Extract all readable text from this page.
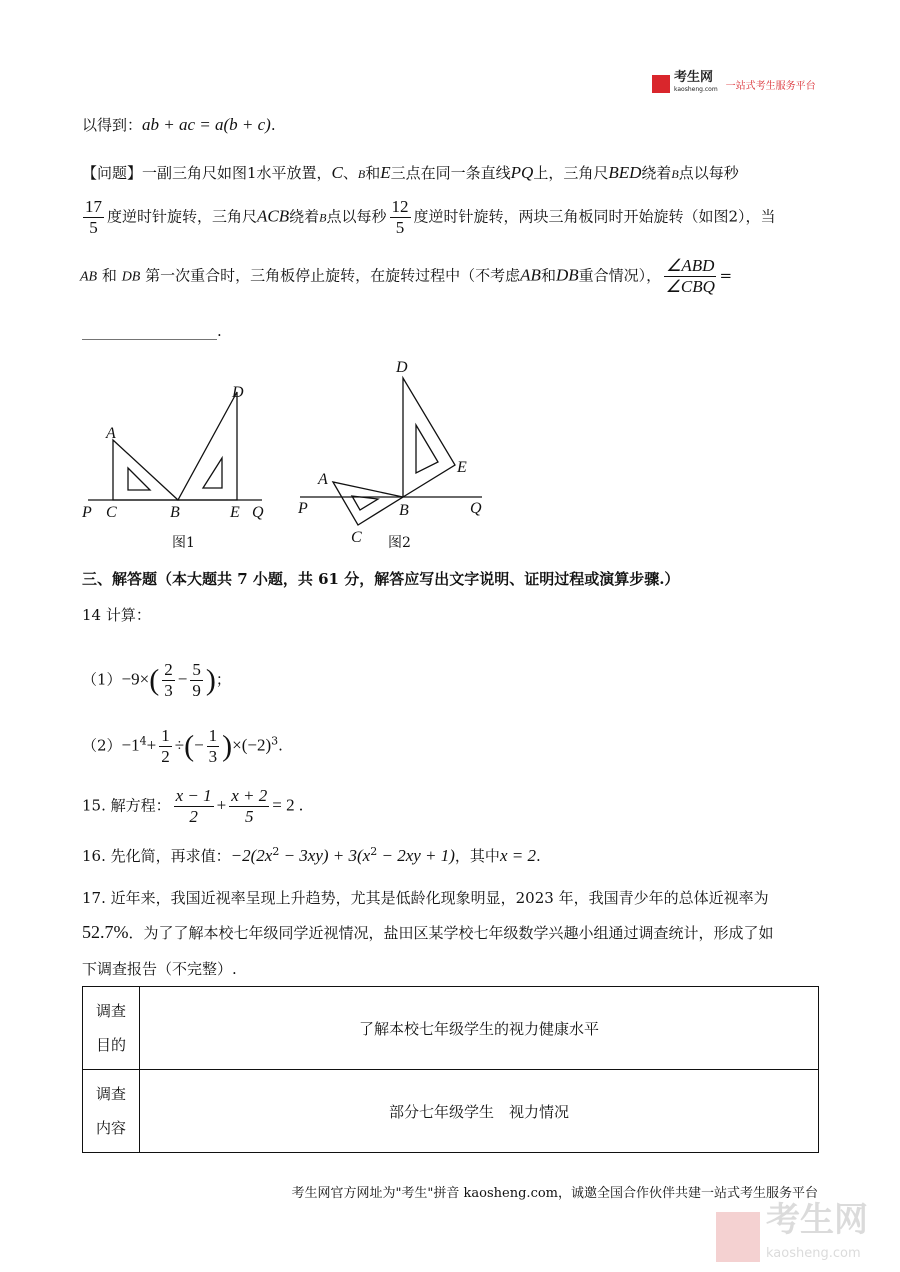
考生网
kaosheng.com 一站式考生服务平台
以得到：ab + ac = a(b + c).
【问题】一副三角尺如图1水平放置，C、B和E三点在同一条直线PQ上，三角尺BED绕着B点以每秒
$\frac{17}{5}$ 度逆时针旋转，三角尺ACB绕着B点以每秒 $\frac{12}{5}$ 度逆时针旋转，两块三角板同时开始旋转（如图2），当
AB 和 DB 第一次重合时，三角板停止旋转，在旋转过程中（不考虑AB和DB重合情况），
∠ABD
∠CBQ
=
__________________.
A
C	B
D
E
P	Q
A
C
B
D
E
P	Q
图1	图2
三、解答题（本大题共 7 小题，共 61 分，解答应写出文字说明、证明过程或演算步骤.）
14 计算：
$(1)-9\times( \frac{2}{3} - \frac{5}{9}$ )；
$(2)-1^4+ \frac{1}{2}$ ÷(− $\frac{1}{3} )\times(-2)^3$.
15. 解方程： $\frac{x - 1}{2} + \frac{x + 2}{5} = 2$ .
16. 先化简，再求值：$-2(2x^2 - 3xy) + 3(x^2 - 2xy + 1)$，其中x = 2.
17. 近年来，我国近视率呈现上升趋势，尤其是低龄化现象明显，2023 年，我国青少年的总体近视率为
52.7%．为了了解本校七年级同学近视情况，盐田区某学校七年级数学兴趣小组通过调查统计，形成了如
下调查报告（不完整）.
调查
目的	了解本校七年级学生的视力健康水平
调查
内容	部分七年级学生　视力情况
考生网官方网址为"考生"拼音 kaosheng.com，诚邀全国合作伙伴共建一站式考生服务平台
考生网
kaosheng.com
